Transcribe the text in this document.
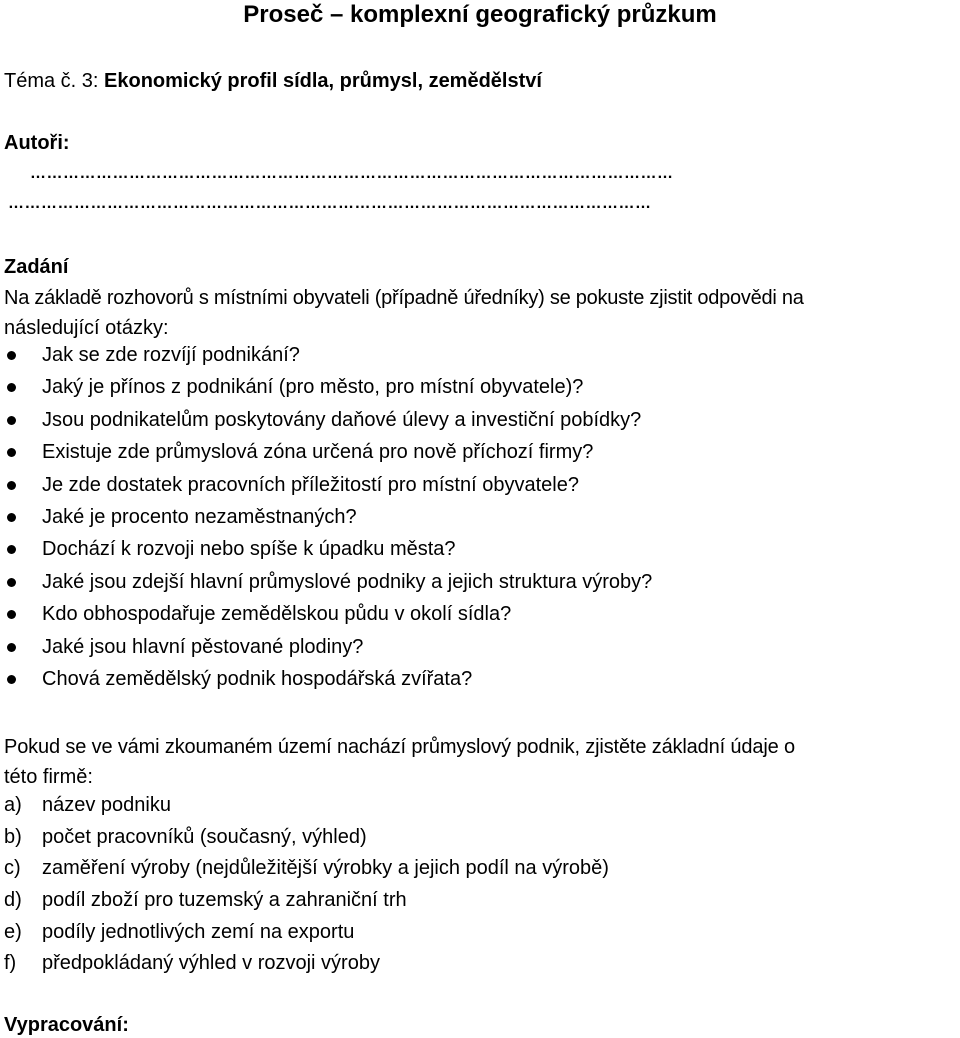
Proseč – komplexní geografický průzkum
Téma č. 3: Ekonomický profil sídla, průmysl, zemědělství
Autoři:
………………………………………………………………………………………………………
………………………………………………………………………………………………………
Zadání
Na základě rozhovorů s místními obyvateli (případně úředníky) se pokuste zjistit odpovědi na
následující otázky:
Jak se zde rozvíjí podnikání?
Jaký je přínos z podnikání (pro město, pro místní obyvatele)?
Jsou podnikatelům poskytovány daňové úlevy a investiční pobídky?
Existuje zde průmyslová zóna určená pro nově příchozí firmy?
Je zde dostatek pracovních příležitostí pro místní obyvatele?
Jaké je procento nezaměstnaných?
Dochází k rozvoji nebo spíše k úpadku města?
Jaké jsou zdejší hlavní průmyslové podniky a jejich struktura výroby?
Kdo obhospodařuje zemědělskou půdu v okolí sídla?
Jaké jsou hlavní pěstované plodiny?
Chová zemědělský podnik hospodářská zvířata?
Pokud se ve vámi zkoumaném území nachází průmyslový podnik, zjistěte základní údaje o
této firmě:
a) název podniku
b) počet pracovníků (současný, výhled)
c) zaměření výroby (nejdůležitější výrobky a jejich podíl na výrobě)
d) podíl zboží pro tuzemský a zahraniční trh
e) podíly jednotlivých zemí na exportu
f) předpokládaný výhled v rozvoji výroby
Vypracování:
